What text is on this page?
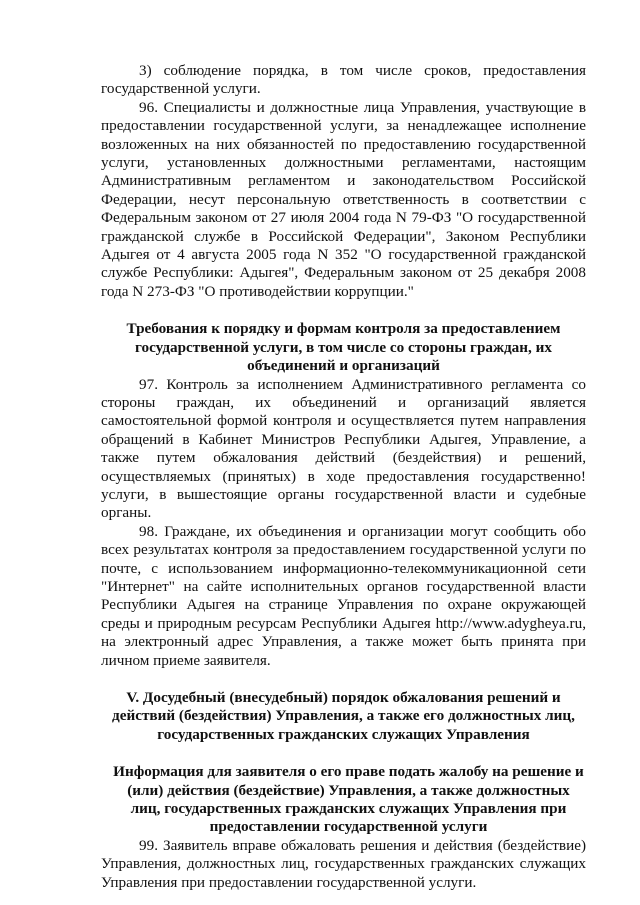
3) соблюдение порядка, в том числе сроков, предоставления государственной услуги.

96. Специалисты и должностные лица Управления, участвующие в предоставлении государственной услуги, за ненадлежащее исполнение возложенных на них обязанностей по предоставлению государственной услуги, установленных должностными регламентами, настоящим Административным регламентом и законодательством Российской Федерации, несут персональную ответственность в соответствии с Федеральным законом от 27 июля 2004 года N 79-ФЗ "О государственной гражданской службе в Российской Федерации", Законом Республики Адыгея от 4 августа 2005 года N 352 "О государственной гражданской службе Республики: Адыгея", Федеральным законом от 25 декабря 2008 года N 273-ФЗ "О противодействии коррупции."

Требования к порядку и формам контроля за предоставлением государственной услуги, в том числе со стороны граждан, их объединений и организаций

97. Контроль за исполнением Административного регламента со стороны граждан, их объединений и организаций является самостоятельной формой контроля и осуществляется путем направления обращений в Кабинет Министров Республики Адыгея, Управление, а также путем обжалования действий (бездействия) и решений, осуществляемых (принятых) в ходе предоставления государственно! услуги, в вышестоящие органы государственной власти и судебные органы.

98. Граждане, их объединения и организации могут сообщить обо всех результатах контроля за предоставлением государственной услуги по почте, с использованием информационно-телекоммуникационной сети "Интернет" на сайте исполнительных органов государственной власти Республики Адыгея на странице Управления по охране окружающей среды и природным ресурсам Республики Адыгея http://www.adygheya.ru, на электронный адрес Управления, а также может быть принята при личном приеме заявителя.

V. Досудебный (внесудебный) порядок обжалования решений и действий (бездействия) Управления, а также его должностных лиц, государственных гражданских служащих Управления
Информация для заявителя о его праве подать жалобу на решение и (или) действия (бездействие) Управления, а также должностных лиц, государственных гражданских служащих Управления при предоставлении государственной услуги

99. Заявитель вправе обжаловать решения и действия (бездействие) Управления, должностных лиц, государственных гражданских служащих Управления при предоставлении государственной услуги.
